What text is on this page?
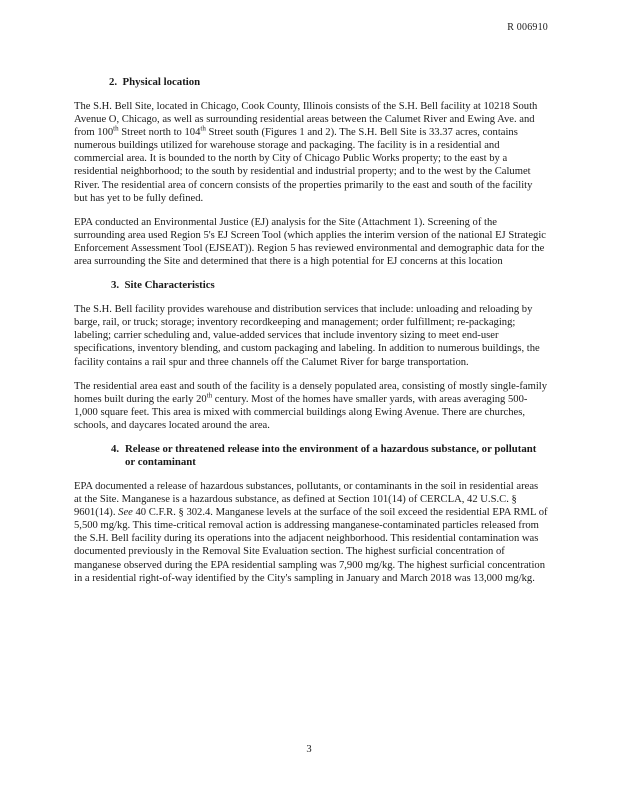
R 006910
2. Physical location

The S.H. Bell Site, located in Chicago, Cook County, Illinois consists of the S.H. Bell facility at 10218 South Avenue O, Chicago, as well as surrounding residential areas between the Calumet River and Ewing Ave. and from 100th Street north to 104th Street south (Figures 1 and 2). The S.H. Bell Site is 33.37 acres, contains numerous buildings utilized for warehouse storage and packaging. The facility is in a residential and commercial area. It is bounded to the north by City of Chicago Public Works property; to the east by a residential neighborhood; to the south by residential and industrial property; and to the west by the Calumet River. The residential area of concern consists of the properties primarily to the east and south of the facility but has yet to be fully defined.

EPA conducted an Environmental Justice (EJ) analysis for the Site (Attachment 1). Screening of the surrounding area used Region 5's EJ Screen Tool (which applies the interim version of the national EJ Strategic Enforcement Assessment Tool (EJSEAT)). Region 5 has reviewed environmental and demographic data for the area surrounding the Site and determined that there is a high potential for EJ concerns at this location

3. Site Characteristics

The S.H. Bell facility provides warehouse and distribution services that include: unloading and reloading by barge, rail, or truck; storage; inventory recordkeeping and management; order fulfillment; re-packaging; labeling; carrier scheduling and, value-added services that include inventory sizing to meet end-user specifications, inventory blending, and custom packaging and labeling. In addition to numerous buildings, the facility contains a rail spur and three channels off the Calumet River for barge transportation.

The residential area east and south of the facility is a densely populated area, consisting of mostly single-family homes built during the early 20th century. Most of the homes have smaller yards, with areas averaging 500-1,000 square feet. This area is mixed with commercial buildings along Ewing Avenue. There are churches, schools, and daycares located around the area.

4. Release or threatened release into the environment of a hazardous substance, or pollutant or contaminant

EPA documented a release of hazardous substances, pollutants, or contaminants in the soil in residential areas at the Site. Manganese is a hazardous substance, as defined at Section 101(14) of CERCLA, 42 U.S.C. § 9601(14). See 40 C.F.R. § 302.4. Manganese levels at the surface of the soil exceed the residential EPA RML of 5,500 mg/kg. This time-critical removal action is addressing manganese-contaminated particles released from the S.H. Bell facility during its operations into the adjacent neighborhood. This residential contamination was documented previously in the Removal Site Evaluation section. The highest surficial concentration of manganese observed during the EPA residential sampling was 7,900 mg/kg. The highest surficial concentration in a residential right-of-way identified by the City's sampling in January and March 2018 was 13,000 mg/kg.

3
